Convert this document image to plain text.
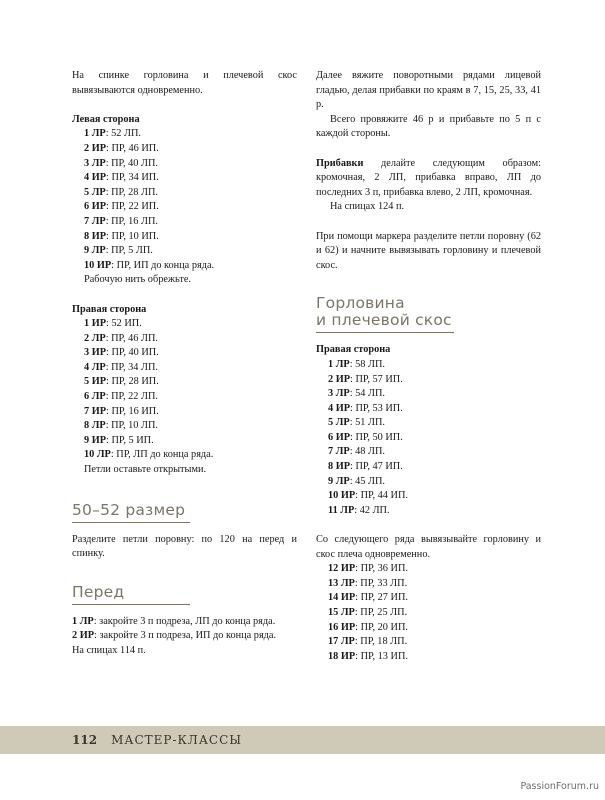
На спинке горловина и плечевой скос вывязываются одновременно.

Левая сторона

1 ЛР: 52 ЛП.

2 ИР: ПР, 46 ИП.

3 ЛР: ПР, 40 ЛП.

4 ИР: ПР, 34 ИП.

5 ЛР: ПР, 28 ЛП.

6 ИР: ПР, 22 ИП.

7 ЛР: ПР, 16 ЛП.

8 ИР: ПР, 10 ИП.

9 ЛР: ПР, 5 ЛП.

10 ИР: ПР, ИП до конца ряда.

Рабочую нить обрежьте.

Правая сторона

1 ИР: 52 ИП.

2 ЛР: ПР, 46 ЛП.

3 ИР: ПР, 40 ИП.

4 ЛР: ПР, 34 ЛП.

5 ИР: ПР, 28 ИП.

6 ЛР: ПР, 22 ЛП.

7 ИР: ПР, 16 ИП.

8 ЛР: ПР, 10 ЛП.

9 ИР: ПР, 5 ИП.

10 ЛР: ПР, ЛП до конца ряда.

Петли оставьте открытыми.

50–52 размер

Разделите петли поровну: по 120 на перед и спинку.

Перед

1 ЛР: закройте 3 п подреза, ЛП до конца ряда.

2 ИР: закройте 3 п подреза, ИП до конца ряда.

На спицах 114 п.

Далее вяжите поворотными рядами лицевой гладью, делая прибавки по краям в 7, 15, 25, 33, 41 р.

Всего провяжите 46 р и прибавьте по 5 п с каждой стороны.

Прибавки делайте следующим образом: кромочная, 2 ЛП, прибавка вправо, ЛП до последних 3 п, прибавка влево, 2 ЛП, кромочная.

На спицах 124 п.

При помощи маркера разделите петли поровну (62 и 62) и начните вывязывать горловину и плечевой скос.

Горловина

и плечевой скос

Правая сторона

1 ЛР: 58 ЛП.

2 ИР: ПР, 57 ИП.

3 ЛР: 54 ЛП.

4 ИР: ПР, 53 ИП.

5 ЛР: 51 ЛП.

6 ИР: ПР, 50 ИП.

7 ЛР: 48 ЛП.

8 ИР: ПР, 47 ИП.

9 ЛР: 45 ЛП.

10 ИР: ПР, 44 ИП.

11 ЛР: 42 ЛП.

Со следующего ряда вывязывайте горловину и скос плеча одновременно.

12 ИР: ПР, 36 ИП.

13 ЛР: ПР, 33 ЛП.

14 ИР: ПР, 27 ИП.

15 ЛР: ПР, 25 ЛП.

16 ИР: ПР, 20 ИП.

17 ЛР: ПР, 18 ЛП.

18 ИР: ПР, 13 ИП.

112 МАСТЕР-КЛАССЫ
PassionForum.ru
